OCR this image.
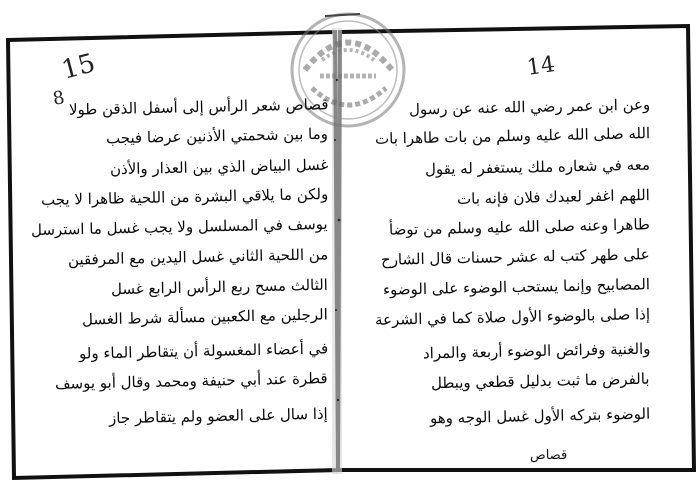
15
8
14
قصاص شعر الرأس إلى أسفل الذقن طولا
وما بين شحمتي الأذنين عرضا فيجب
غسل البياض الذي بين العذار والأذن
ولكن ما يلاقي البشرة من اللحية ظاهرا لا يجب
يوسف في المسلسل ولا يجب غسل ما استرسل
من اللحية الثاني غسل اليدين مع المرفقين
الثالث مسح ربع الرأس الرابع غسل
الرجلين مع الكعبين مسألة شرط الغسل
في أعضاء المغسولة أن يتقاطر الماء ولو
قطرة عند أبي حنيفة ومحمد وقال أبو يوسف
إذا سال على العضو ولم يتقاطر جاز
وعن ابن عمر رضي الله عنه عن رسول
الله صلى الله عليه وسلم من بات طاهرا بات
معه في شعاره ملك يستغفر له يقول
اللهم اغفر لعبدك فلان فإنه بات
طاهرا وعنه صلى الله عليه وسلم من توضأ
على طهر كتب له عشر حسنات قال الشارح
المصابيح وإنما يستحب الوضوء على الوضوء
إذا صلى بالوضوء الأول صلاة كما في الشرعة
والغنية وفرائض الوضوء أربعة والمراد
بالفرض ما ثبت بدليل قطعي ويبطل
الوضوء بتركه الأول غسل الوجه وهو
قصاص
